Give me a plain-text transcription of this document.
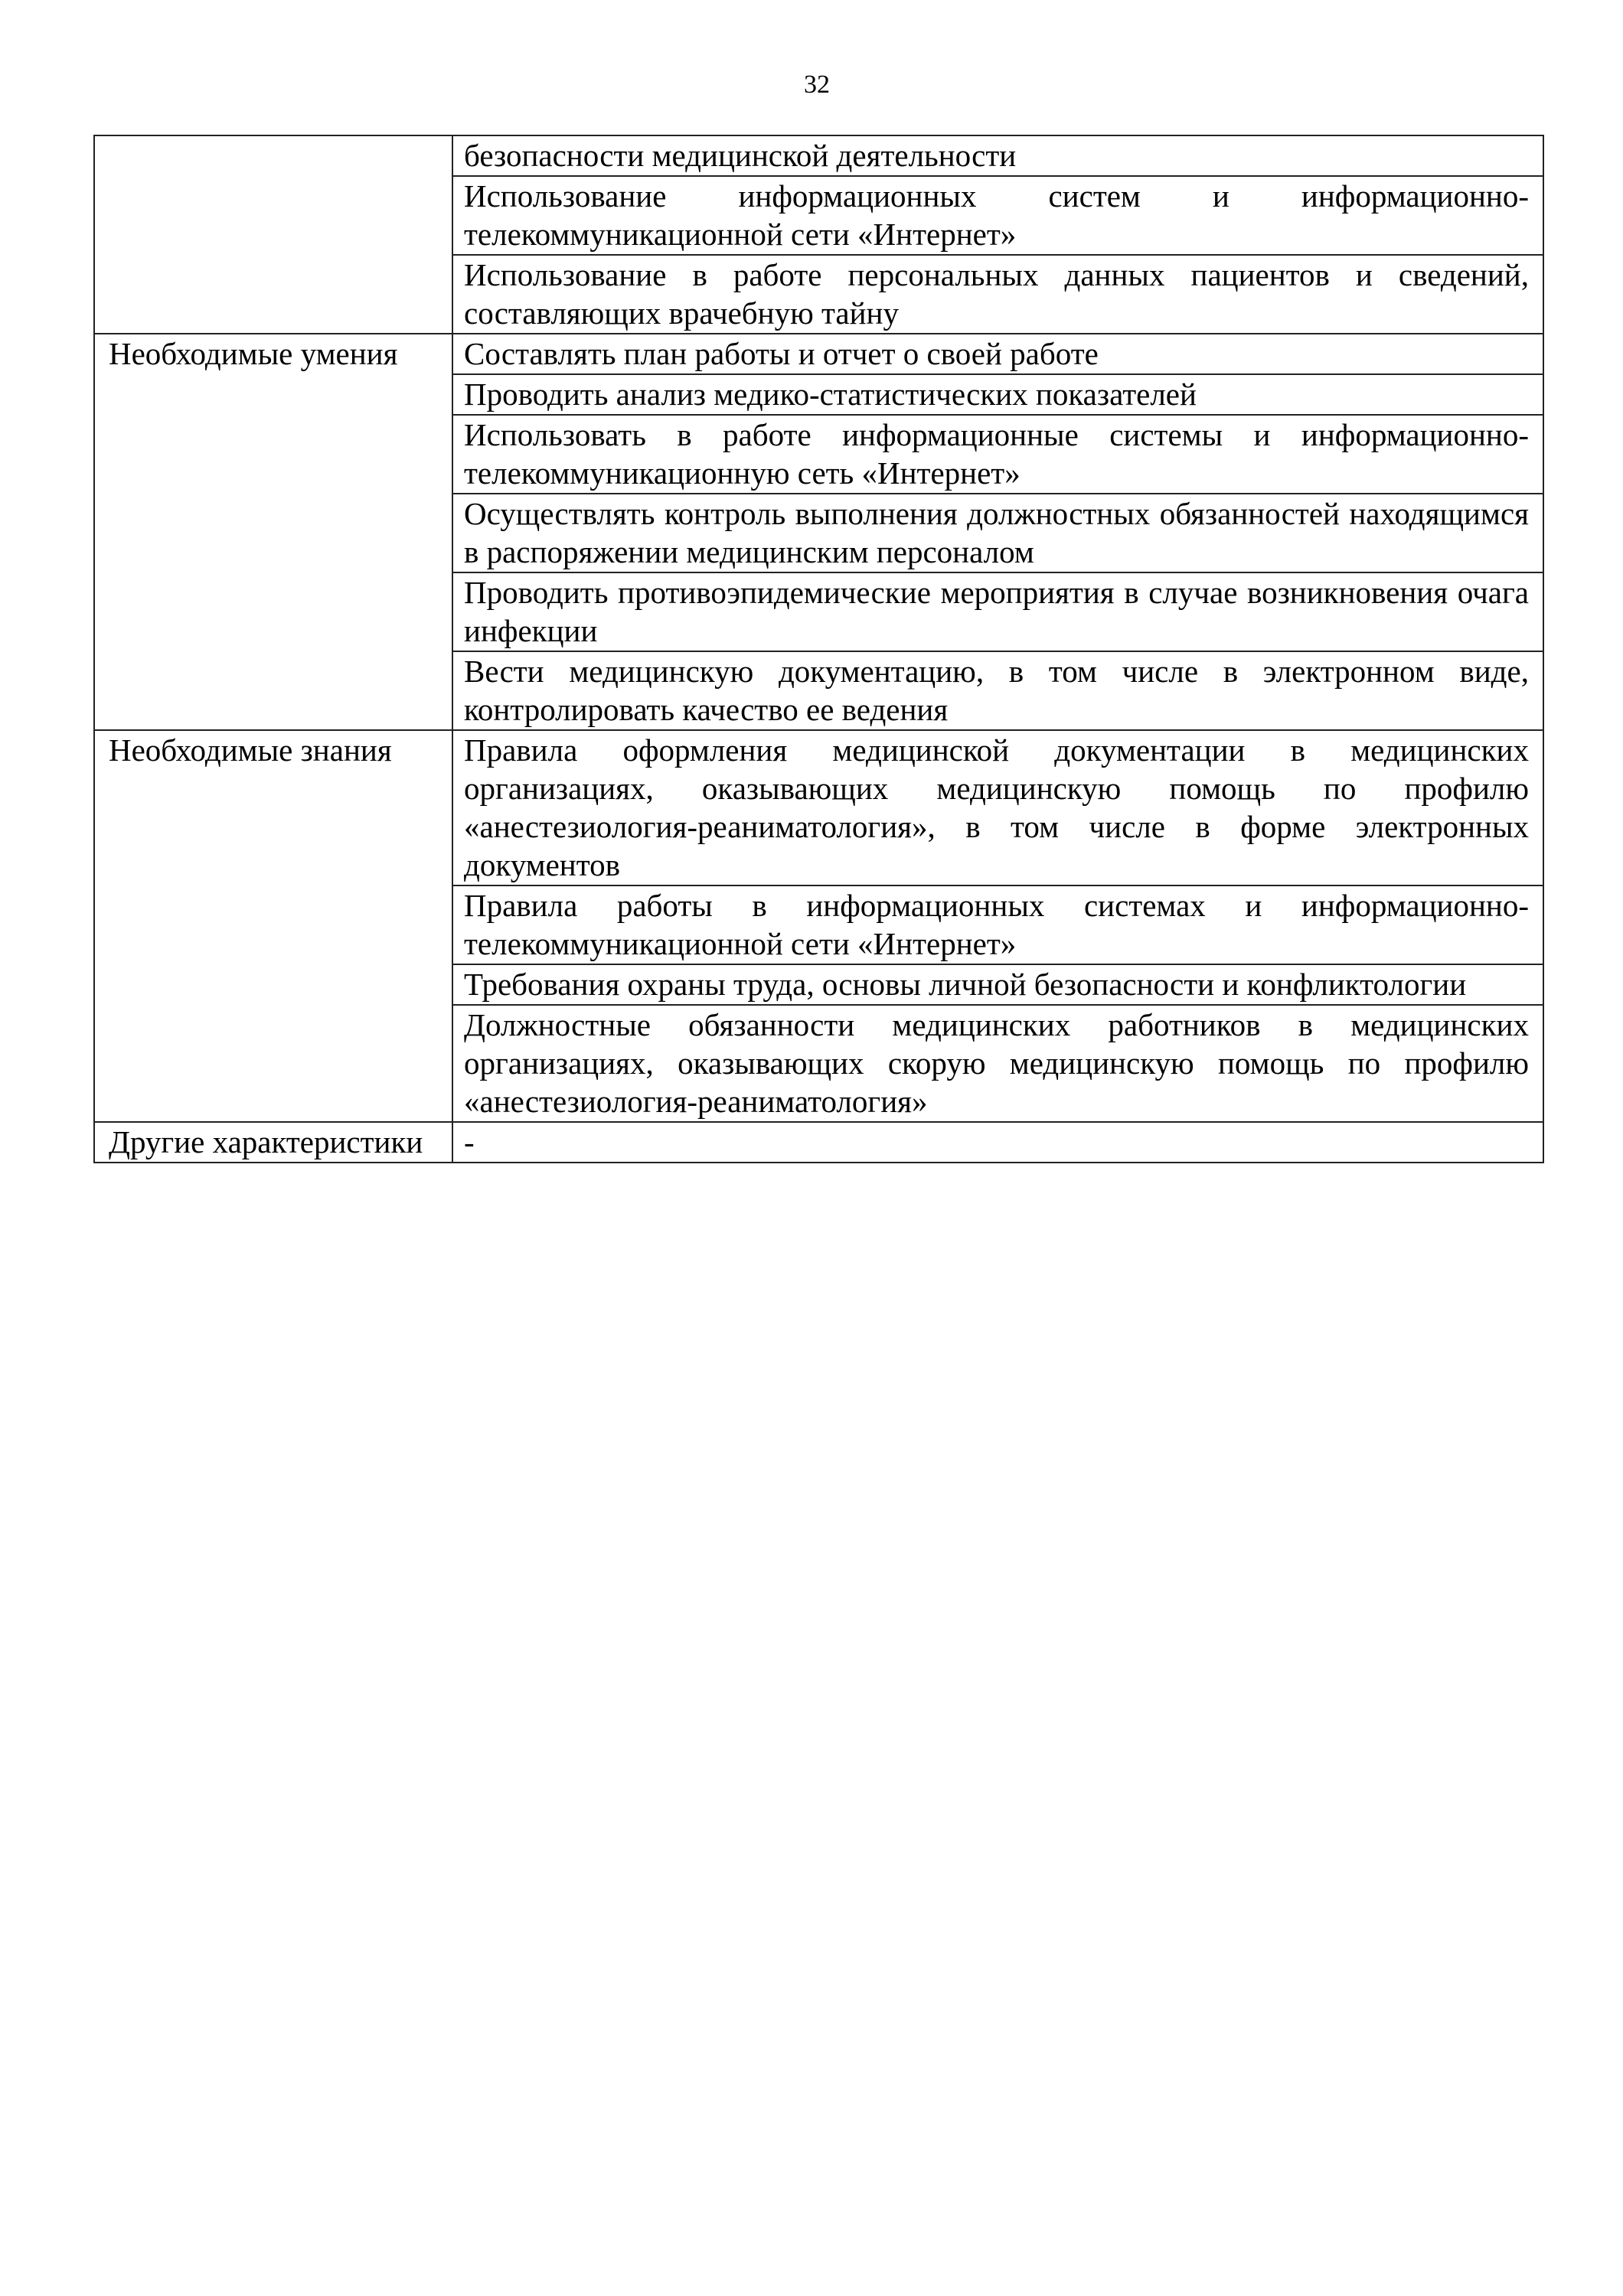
32
	безопасности медицинской деятельности
	Использование информационных систем и информационно-телекоммуникационной сети «Интернет»
	Использование в работе персональных данных пациентов и сведений, составляющих врачебную тайну
Необходимые умения	Составлять план работы и отчет о своей работе
	Проводить анализ медико-статистических показателей
	Использовать в работе информационные системы и информационно-телекоммуникационную сеть «Интернет»
	Осуществлять контроль выполнения должностных обязанностей находящимся в распоряжении медицинским персоналом
	Проводить противоэпидемические мероприятия в случае возникновения очага инфекции
	Вести медицинскую документацию, в том числе в электронном виде, контролировать качество ее ведения
Необходимые знания	Правила оформления медицинской документации в медицинских организациях, оказывающих медицинскую помощь по профилю «анестезиология-реаниматология», в том числе в форме электронных документов
	Правила работы в информационных системах и информационно-телекоммуникационной сети «Интернет»
	Требования охраны труда, основы личной безопасности и конфликтологии
	Должностные обязанности медицинских работников в медицинских организациях, оказывающих скорую медицинскую помощь по профилю «анестезиология-реаниматология»
Другие характеристики	-
